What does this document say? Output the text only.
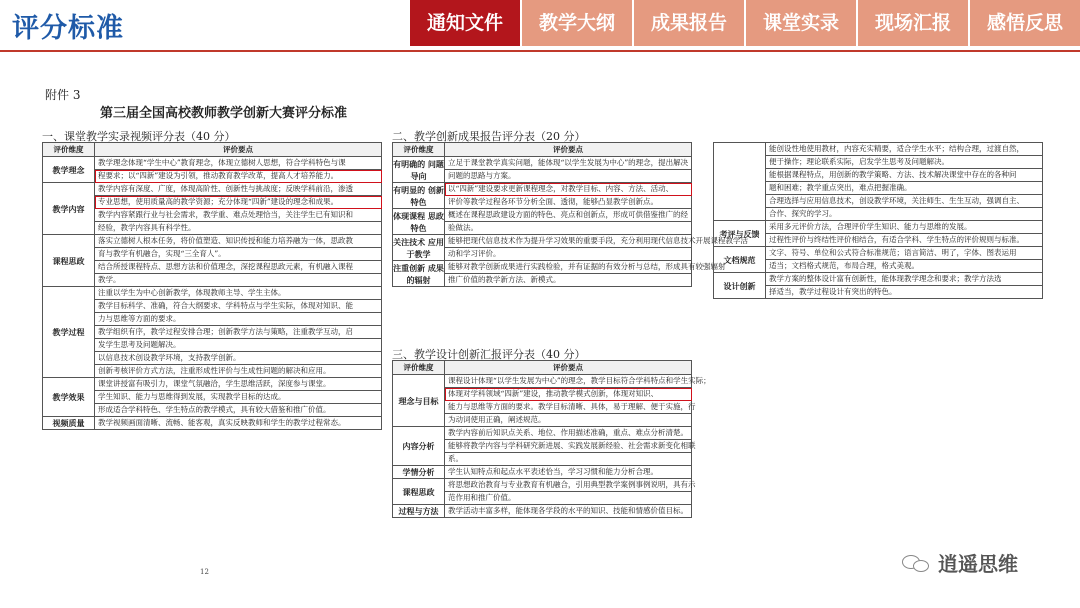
评分标准	通知文件	教学大纲	成果报告	课堂实录	现场汇报	感悟反思
附件 3
第三届全国高校教师教学创新大赛评分标准
一、课堂教学实录视频评分表（40 分）
评价维度	评价要点
教学理念	教学理念体现“学生中心”教育理念，体现立德树人思想，符合学科特色与课
	程要求；以“四新”建设为引领，推动教育教学改革，提高人才培养能力。
教学内容	教学内容有深度、广度，体现高阶性、创新性与挑战度；反映学科前沿，渗透
	专业思想，使用质量高的教学资源；充分体现“四新”建设的理念和成果。
	教学内容紧跟行业与社会需求，教学重、难点处理恰当，关注学生已有知识和
	经验，教学内容具有科学性。
课程思政	落实立德树人根本任务，将价值塑造、知识传授和能力培养融为一体，思政教
	育与教学有机融合，实现“三全育人”。
	结合所授课程特点、思想方法和价值理念，深挖课程思政元素，有机融入课程
	教学。
教学过程	注重以学生为中心创新教学，体现教师主导、学生主体。
	教学目标科学、准确，符合大纲要求、学科特点与学生实际，体现对知识、能
	力与思维等方面的要求。
	教学组织有序，教学过程安排合理；创新教学方法与策略，注重教学互动，启
	发学生思考及问题解决。
	以信息技术创设教学环境，支持教学创新。
	创新考核评价方式方法，注重形成性评价与生成性问题的解决和应用。
教学效果	课堂讲授富有吸引力，课堂气氛融洽，学生思维活跃，深度参与课堂。
	学生知识、能力与思维得到发展，实现教学目标的达成。
	形成适合学科特色、学生特点的教学模式，具有较大借鉴和推广价值。
视频质量	教学视频画面清晰、流畅、能客观，真实反映教师和学生的教学过程常态。
二、教学创新成果报告评分表（20 分）
评价维度	评价要点
有明确的 问题导向	立足于课堂教学真实问题，能体现“以学生发展为中心”的理念，提出解决
	问题的思路与方案。
有明显的 创新特色	以“四新”建设要求更新课程理念，对教学目标、内容、方法、活动、
	评价等教学过程各环节分析全面、透彻，能够凸显教学创新点。
体现课程 思政特色	概述在课程思政建设方面的特色、亮点和创新点，形成可供借鉴推广的经
	验做法。
关注技术 应用于教学	能够把现代信息技术作为提升学习效果的重要手段，充分利用现代信息技术开展课程教学活
	动和学习评价。
注重创新 成果的辐射	能够对教学创新成果进行实践检验，并有证据的有效分析与总结，形成具有较强辐射
	推广价值的教学新方法、新模式。
三、教学设计创新汇报评分表（40 分）
评价维度	评价要点
理念与目标	课程设计体现“以学生发展为中心”的理念，教学目标符合学科特点和学生实际；
	体现对学科领域“四新”建设，推动教学模式创新，体现对知识、
	能力与思维等方面的要求。教学目标清晰、具体，易于理解、便于实施，行
	为动词使用正确，阐述规范。
内容分析	教学内容前后知识点关系、地位、作用描述准确，重点、难点分析清楚。
	能够将教学内容与学科研究新进展、实践发展新经验、社会需求新变化相联
	系。
学情分析	学生认知特点和起点水平表述恰当，学习习惯和能力分析合理。
课程思政	将思想政治教育与专业教育有机融合，引用典型教学案例事例说明，具有示
	范作用和推广价值。
过程与方法	教学活动丰富多样，能体现各学段的水平的知识、技能和情感价值目标。
	能创设性地使用教材，内容充实精要，适合学生水平；结构合理，过渡自然，
	便于操作；理论联系实际，启发学生思考及问题解决。
	能根据课程特点，用创新的教学策略、方法、技术解决课堂中存在的各种问
	题和困难；教学重点突出，难点把握准确。
	合理选择与应用信息技术，创设教学环境，关注师生、生生互动，强调自主、
	合作、探究的学习。
考评与反馈	采用多元评价方法，合理评价学生知识、能力与思维的发展。
	过程性评价与终结性评价相结合，有适合学科、学生特点的评价规则与标准。
文档规范	文字、符号、单位和公式符合标准规范；语言简洁、明了，字体、图表运用
	适当；文档格式规范，布局合理，格式美观。
设计创新	教学方案的整体设计富有创新性，能体现教学理念和要求；教学方法选
	择适当，教学过程设计有突出的特色。
12	逍遥思维
